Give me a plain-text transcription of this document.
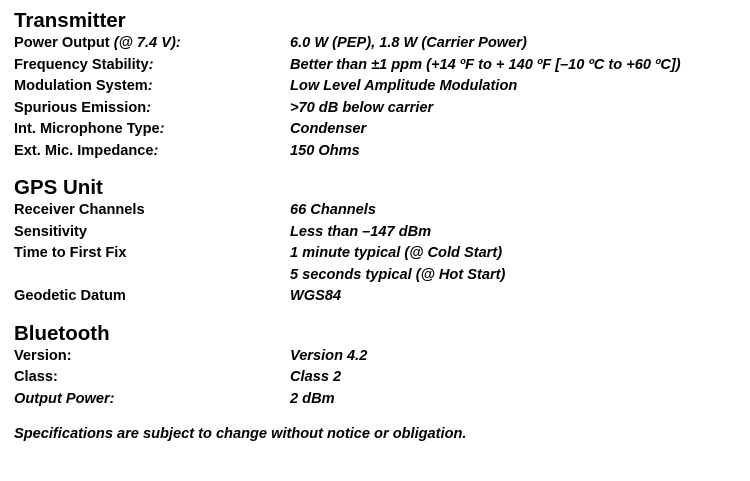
Transmitter
Power Output (@ 7.4 V):	6.0 W (PEP), 1.8 W (Carrier Power)
Frequency Stability:	Better than ±1 ppm (+14 ºF to + 140 ºF [–10 ºC to +60 ºC])
Modulation System:	Low Level Amplitude Modulation
Spurious Emission:	>70 dB below carrier
Int. Microphone Type:	Condenser
Ext. Mic. Impedance:	150 Ohms
GPS Unit
Receiver Channels	66 Channels
Sensitivity	Less than –147 dBm
Time to First Fix	1 minute typical (@ Cold Start)
5 seconds typical (@ Hot Start)
Geodetic Datum	WGS84
Bluetooth
Version:	Version 4.2
Class:	Class 2
Output Power:	2 dBm
Specifications are subject to change without notice or obligation.
